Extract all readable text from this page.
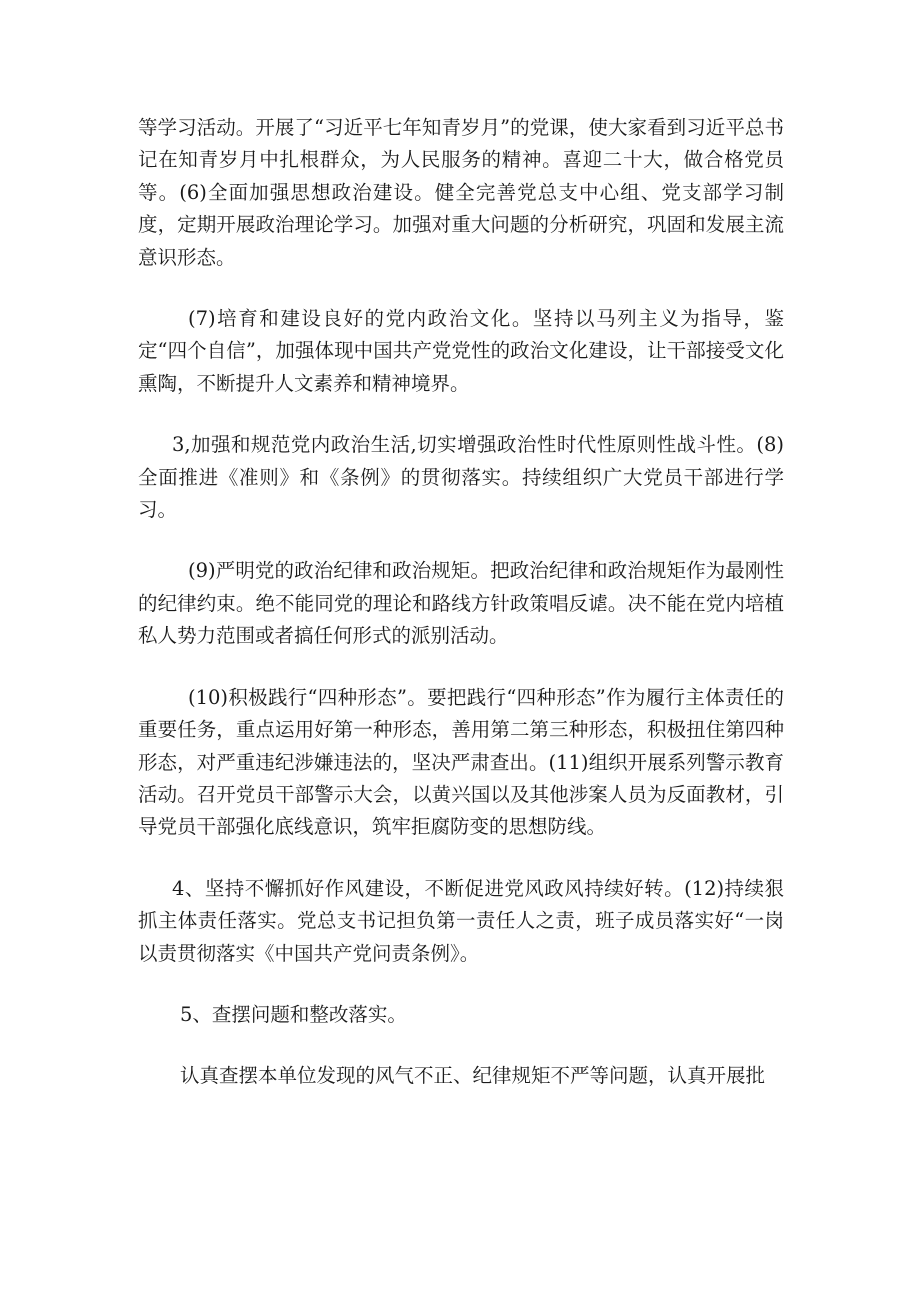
等学习活动。开展了“习近平七年知青岁月”的党课，使大家看到习近平总书记在知青岁月中扎根群众，为人民服务的精神。喜迎二十大，做合格党员等。(6)全面加强思想政治建设。健全完善党总支中心组、党支部学习制度，定期开展政治理论学习。加强对重大问题的分析研究，巩固和发展主流意识形态。

(7)培育和建设良好的党内政治文化。坚持以马列主义为指导，鉴定“四个自信”，加强体现中国共产党党性的政治文化建设，让干部接受文化熏陶，不断提升人文素养和精神境界。

3,加强和规范党内政治生活,切实增强政治性时代性原则性战斗性。(8)全面推进《准则》和《条例》的贯彻落实。持续组织广大党员干部进行学习。

(9)严明党的政治纪律和政治规矩。把政治纪律和政治规矩作为最刚性的纪律约束。绝不能同党的理论和路线方针政策唱反谑。决不能在党内培植私人势力范围或者搞任何形式的派别活动。

(10)积极践行“四种形态”。要把践行“四种形态”作为履行主体责任的重要任务，重点运用好第一种形态，善用第二第三种形态，积极扭住第四种形态，对严重违纪涉嫌违法的，坚决严肃查出。(11)组织开展系列警示教育活动。召开党员干部警示大会，以黄兴国以及其他涉案人员为反面教材，引导党员干部强化底线意识，筑牢拒腐防变的思想防线。

4、坚持不懈抓好作风建设，不断促进党风政风持续好转。(12)持续狠抓主体责任落实。党总支书记担负第一责任人之责，班子成员落实好“一岗以责贯彻落实《中国共产党问责条例》。

5、查摆问题和整改落实。

认真查摆本单位发现的风气不正、纪律规矩不严等问题，认真开展批
